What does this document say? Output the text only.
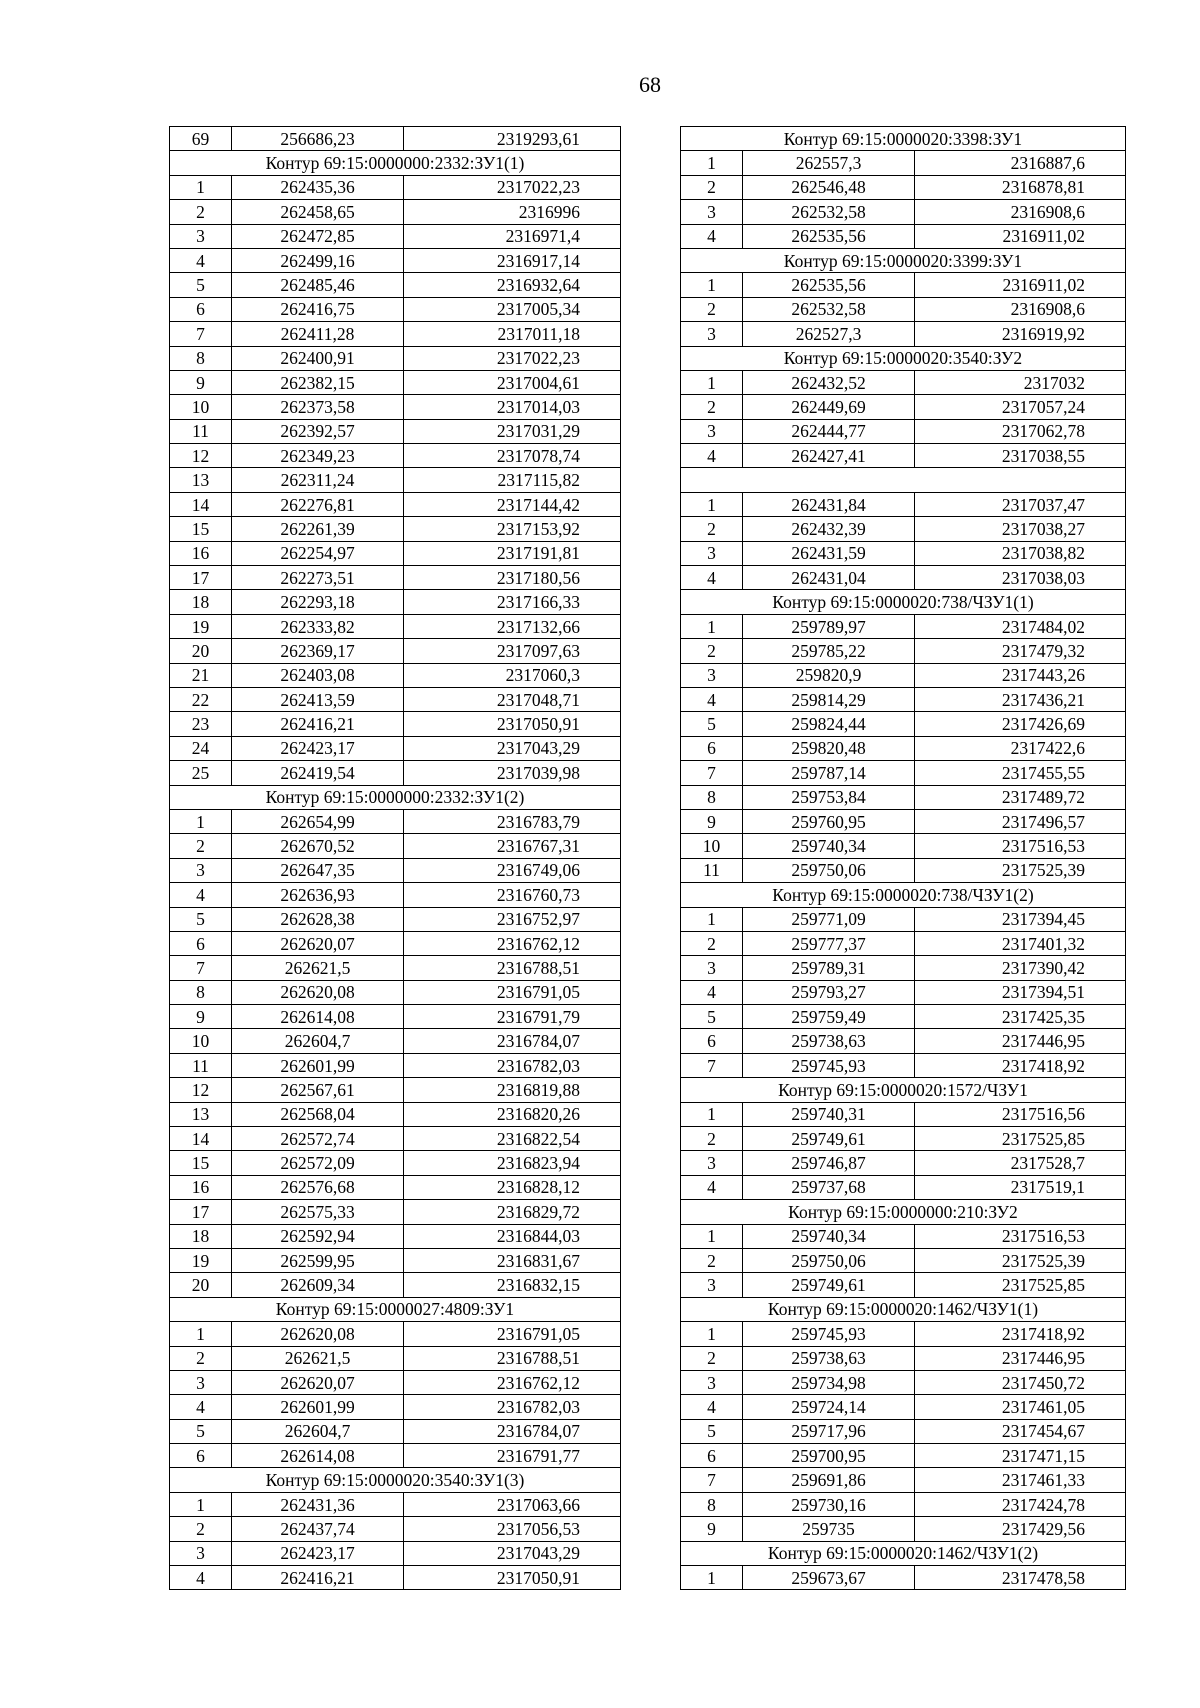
68
69	256686,23	2319293,61
Контур 69:15:0000000:2332:ЗУ1(1)		
1	262435,36	2317022,23
2	262458,65	2316996
3	262472,85	2316971,4
4	262499,16	2316917,14
5	262485,46	2316932,64
6	262416,75	2317005,34
7	262411,28	2317011,18
8	262400,91	2317022,23
9	262382,15	2317004,61
10	262373,58	2317014,03
11	262392,57	2317031,29
12	262349,23	2317078,74
13	262311,24	2317115,82
14	262276,81	2317144,42
15	262261,39	2317153,92
16	262254,97	2317191,81
17	262273,51	2317180,56
18	262293,18	2317166,33
19	262333,82	2317132,66
20	262369,17	2317097,63
21	262403,08	2317060,3
22	262413,59	2317048,71
23	262416,21	2317050,91
24	262423,17	2317043,29
25	262419,54	2317039,98
Контур 69:15:0000000:2332:ЗУ1(2)		
1	262654,99	2316783,79
2	262670,52	2316767,31
3	262647,35	2316749,06
4	262636,93	2316760,73
5	262628,38	2316752,97
6	262620,07	2316762,12
7	262621,5	2316788,51
8	262620,08	2316791,05
9	262614,08	2316791,79
10	262604,7	2316784,07
11	262601,99	2316782,03
12	262567,61	2316819,88
13	262568,04	2316820,26
14	262572,74	2316822,54
15	262572,09	2316823,94
16	262576,68	2316828,12
17	262575,33	2316829,72
18	262592,94	2316844,03
19	262599,95	2316831,67
20	262609,34	2316832,15
Контур 69:15:0000027:4809:ЗУ1		
1	262620,08	2316791,05
2	262621,5	2316788,51
3	262620,07	2316762,12
4	262601,99	2316782,03
5	262604,7	2316784,07
6	262614,08	2316791,77
Контур 69:15:0000020:3540:ЗУ1(3)		
1	262431,36	2317063,66
2	262437,74	2317056,53
3	262423,17	2317043,29
4	262416,21	2317050,91
Контур 69:15:0000020:3398:ЗУ1		
1	262557,3	2316887,6
2	262546,48	2316878,81
3	262532,58	2316908,6
4	262535,56	2316911,02
Контур 69:15:0000020:3399:ЗУ1		
1	262535,56	2316911,02
2	262532,58	2316908,6
3	262527,3	2316919,92
Контур 69:15:0000020:3540:ЗУ2		
1	262432,52	2317032
2	262449,69	2317057,24
3	262444,77	2317062,78
4	262427,41	2317038,55

1	262431,84	2317037,47
2	262432,39	2317038,27
3	262431,59	2317038,82
4	262431,04	2317038,03
Контур 69:15:0000020:738/ЧЗУ1(1)		
1	259789,97	2317484,02
2	259785,22	2317479,32
3	259820,9	2317443,26
4	259814,29	2317436,21
5	259824,44	2317426,69
6	259820,48	2317422,6
7	259787,14	2317455,55
8	259753,84	2317489,72
9	259760,95	2317496,57
10	259740,34	2317516,53
11	259750,06	2317525,39
Контур 69:15:0000020:738/ЧЗУ1(2)		
1	259771,09	2317394,45
2	259777,37	2317401,32
3	259789,31	2317390,42
4	259793,27	2317394,51
5	259759,49	2317425,35
6	259738,63	2317446,95
7	259745,93	2317418,92
Контур 69:15:0000020:1572/ЧЗУ1		
1	259740,31	2317516,56
2	259749,61	2317525,85
3	259746,87	2317528,7
4	259737,68	2317519,1
Контур 69:15:0000000:210:ЗУ2		
1	259740,34	2317516,53
2	259750,06	2317525,39
3	259749,61	2317525,85
Контур 69:15:0000020:1462/ЧЗУ1(1)		
1	259745,93	2317418,92
2	259738,63	2317446,95
3	259734,98	2317450,72
4	259724,14	2317461,05
5	259717,96	2317454,67
6	259700,95	2317471,15
7	259691,86	2317461,33
8	259730,16	2317424,78
9	259735	2317429,56
Контур 69:15:0000020:1462/ЧЗУ1(2)		
1	259673,67	2317478,58
